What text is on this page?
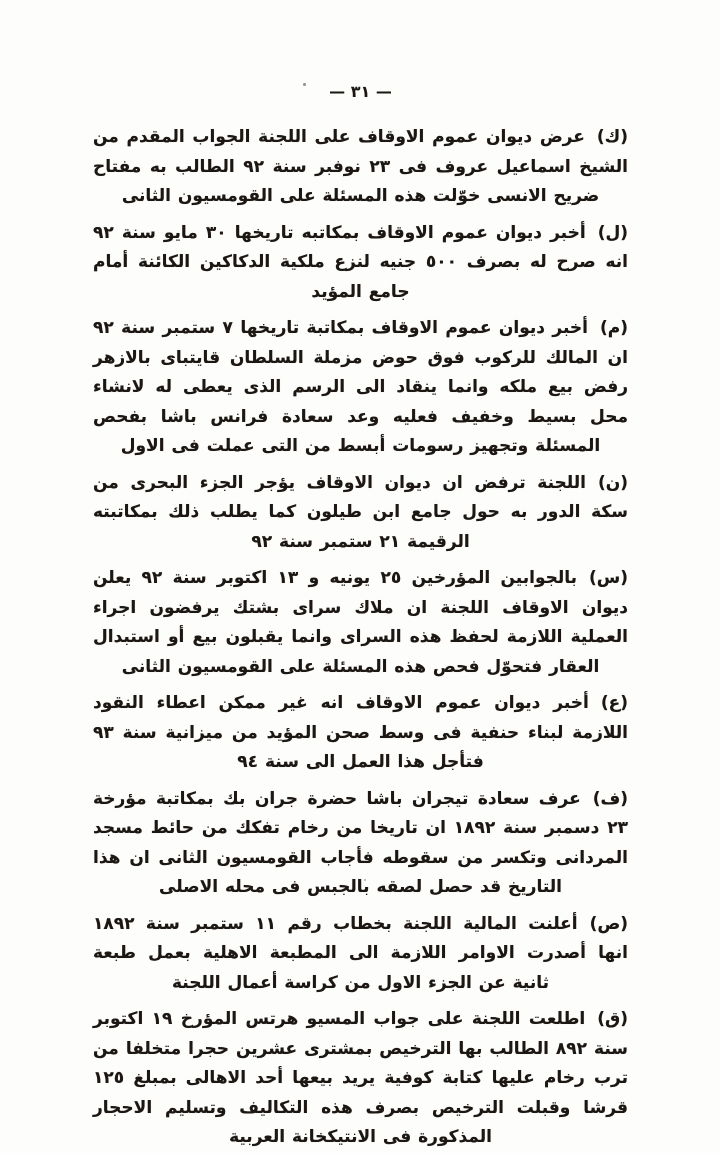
— ٣١ —

(ك)عرض ديوان عموم الاوقاف على اللجنة الجواب المقدم من الشيخ اسماعيل عروف فى ٢٣ نوفبر سنة ٩٢ الطالب به مفتاح ضريح الانسى خوّلت هذه المسئلة على القومسيون الثانى

(ل)أخبر ديوان عموم الاوقاف بمكاتبه تاريخها ٣٠ مايو سنة ٩٢ انه صرح له بصرف ٥٠٠ جنيه لنزع ملكية الدكاكين الكائنة أمام جامع المؤيد

(م)أخبر ديوان عموم الاوقاف بمكاتبة تاريخها ٧ ستمبر سنة ٩٢ ان المالك للركوب فوق حوض مزملة السلطان قايتباى بالازهر رفض بيع ملكه وانما ينقاد الى الرسم الذى يعطى له لانشاء محل بسيط وخفيف فعليه وعد سعادة فرانس باشا بفحص المسئلة وتجهيز رسومات أبسط من التى عملت فى الاول

(ن)اللجنة ترفض ان ديوان الاوقاف يؤجر الجزء البحرى من سكة الدور به حول جامع ابن طيلون كما يطلب ذلك بمكاتبته الرقيمة ٢١ ستمبر سنة ٩٢

(س)بالجوابين المؤرخين ٢٥ يونيه و ١٣ اكتوبر سنة ٩٢ يعلن ديوان الاوقاف اللجنة ان ملاك سراى بشتك يرفضون اجراء العملية اللازمة لحفظ هذه السراى وانما يقبلون بيع أو استبدال العقار فتحوّل فحص هذه المسئلة على القومسيون الثانى

(ع)أخبر ديوان عموم الاوقاف انه غير ممكن اعطاء النقود اللازمة لبناء حنفية فى وسط صحن المؤيد من ميزانية سنة ٩٣ فتأجل هذا العمل الى سنة ٩٤

(ف)عرف سعادة تيجران باشا حضرة جران بك بمكاتبة مؤرخة ٢٣ دسمبر سنة ١٨٩٢ ان تاريخا من رخام تفكك من حائط مسجد المردانى وتكسر من سقوطه فأجاب القومسيون الثانى ان هذا التاريخ قد حصل لصقه بالجبس فى محله الاصلى

(ص)أعلنت المالية اللجنة بخطاب رقم ١١ ستمبر سنة ١٨٩٢ انها أصدرت الاوامر اللازمة الى المطبعة الاهلية بعمل طبعة ثانية عن الجزء الاول من كراسة أعمال اللجنة

(ق)اطلعت اللجنة على جواب المسيو هرتس المؤرخ ١٩ اكتوبر سنة ٨٩٢ الطالب بها الترخيص بمشترى عشرين حجرا متخلفا من ترب رخام عليها كتابة كوفية يريد بيعها أحد الاهالى بمبلغ ١٢٥ قرشا وقبلت الترخيص بصرف هذه التكاليف وتسليم الاحجار المذكورة فى الانتيكخانة العربية
